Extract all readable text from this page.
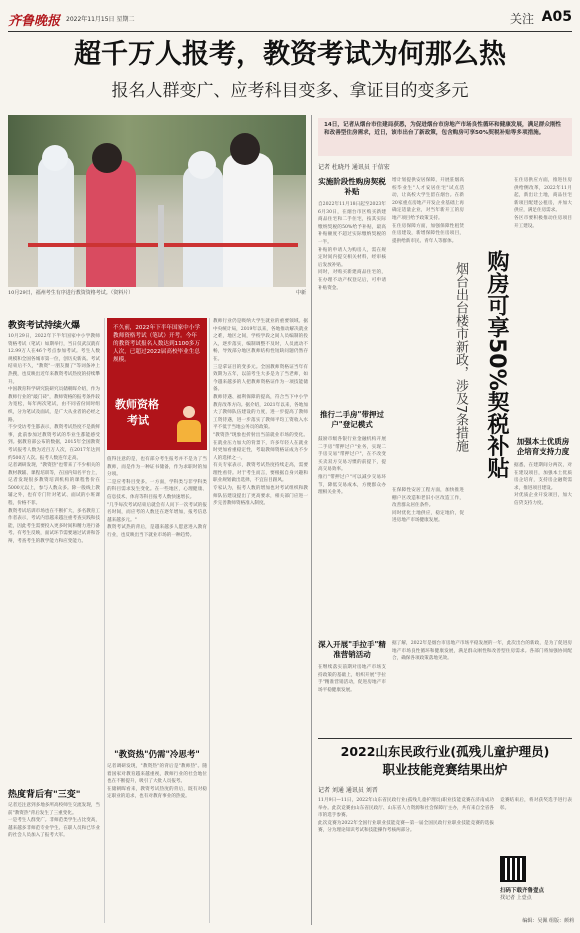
齐鲁晚报 2022年11月15日 星期二	关注 A05
超千万人报考，教资考试为何那么热
报名人群变广、应考科目变多、拿证目的变多元
10月29日，福州考生有序进行教资资格考试。（资料片）	中新
教资考试持续火爆
10月29日，2022年下半年国家中小学教师资格考试（笔试）如期举行，当日仅武汉就有12.99万人在46个考点参加考试。考生人数规模和全国各城市第一位，创历史新高。考试结束后不久，"教资"一朋友圈了"等词条冲上热搜，也反映出近年来教资考试热度的持续攀升。
中国教育科学研究院研究员储朝晖介绍，作为教师行业的"敲门砖"，教师资格的报考条件较为宽松，每年两次笔试，由不同省份同时组织，分为笔试及面试，是广大从业者的必经之路。
不少受访考生都表示，教资考试热度不是新鲜事，此前参加过教资考试的毕业生都能感受到。据教育部公布的数据，2015年全国教资考试报考人数为近百万人次，在2017年达到约500万人次。报考人数连年走高。
记者调研发现，"教资热"也带来了不少相关的教材教辅、课程培训等，在国内知名平台上，记者发现很多教资培训机构的课程售价在5000元以上，参与人数众多。除一般线上教辅之外，也有专门针对笔试、面试的小班课程，价格不菲。
教资考试培训市场也在不断扩大，多名教育工作者表示，考试内容越来越注重考查实践和技能，因此考生需要投入更多时间和精力进行备考。有考生反映，面试环节需要通过试讲和答辩，考查考生的教学能力和应变能力。
热度背后有"三变"
记者还注意到多地多所高校师生交流发现，当前"教资热"背后发生了三重变化。
一是考生人群变广。非师范类学生占比变高，越来越多非师范专业学生、在职人员和已毕业的社会人员加入了报考大军。
不久前，2022年下半年国家中小学教师资格考试（笔试）开考。今年的教资考试报名人数达到1100多万人次，已超过2022届高校毕业生总规模。
教师资格
考试
值得注意的是，也有部分考生报考并不是为了当教师，而是作为一种证书储备，作为求职时的加分项。
二是应考科目变多。一方面，学科类与非学科类的科目需求发生变化。在一些地区，心理健康、信息技术、体育等科目报考人数快速增长。
"几乎每次考试结束后就会有人问下一次考试的报名时间，而应考的人数还在逐年增加，报考信息越来越多元。"
教资考试热的背后，是越来越多人愿意进入教育行业，也反映出当下就业市场的一种趋势。
"教资热"仍需"冷思考"
记者调研发现，"教资热"的背后是"教师热"。随着国家对教育越来越重视，教师行业的社会地位也在不断提升，吸引了大批人员报考。
在储朝晖看来，教资考试热度的背后，既有对稳定职业的追求，也有对教育事业的热爱。
教师行业仍是吸纳大学生就业的重要领域。据中央统计局，2019年以来，各地推动解决就业之难，地区之间，学校学段之间人员编制的投入，逐步落实，编制调整不及时，人员流动不畅，导致部分地区教师结构性短缺问题仍然存在。
三是拿证目的变多元。全国教师资格证当年有效期为五年，以前考生大多是为了当老师，如今越来越多的人把教师资格证作为一项技能储备。
教师待遇、福利保障的提高，符合当下中小学教育改革方向。据介绍，2021年以来，各地加大了教师队伍建设的力度，进一步提高了教师工资待遇，进一步落实了教师平均工资收入水平不低于当地公务员的政策。
"教资热"现象也折射出当前就业市场的变化。在就业压力加大的背景下，许多年轻人在就业时更加看重稳定性，考取教师资格证成为不少人的选择之一。
有关专家表示，教资考试热度持续走高，需要理性看待。对于考生而言，要根据自身兴趣和职业规划做出选择，不宜盲目跟风。
专家认为，报考人数的增加也对考试组织和教师队伍建设提出了更高要求，相关部门应进一步完善教师资格准入制度。
14日，记者从烟台市住建局获悉，为促进烟台市房地产市场良性循环和健康发展，满足群众刚性和改善型住房需求，近日，该市出台了新政策，包含购房可享50%契税补贴等多项措施。
记者 杜晓丹 通讯员 于信宏
实施阶段性购房契税补贴
自2022年11月18日起至2023年6月30日，在烟台市区购买新建商品住宅和二手住宅，按其实际缴纳契税的50%给予补贴，最高补贴额度不超过实际缴纳契税的一半。
补贴的申请人为购房人，需在规定时间内提交相关材料，经审核后发放补贴。
同时，对购买新建商品住宅的，在办理不动产权登记后，可申请补贴资金。
推行二手房"带押过户"登记模式
鼓励市级各银行业金融机构开展二手房"带押过户"业务，实现二手房交易"带押过户"，在不改变买卖双方交易习惯的前提下，提高交易效率。
推行"带押过户"可以减少交易环节，降低交易成本，方便群众办理相关业务。
深入开展"手拉手"精准营销活动
在继续落实前期对房地产市场支持政策的基础上，组织开展"手拉手"精准营销活动，促进房地产市场平稳健康发展。
增计划提供安居保障，开展驻烟高校毕业生"人才安居住宅"试点活动，让高校大学生留在烟台。在新20家重点房地产开发企业基础上再确定适量企业，对当年新开工的房地产项目给予政策支持。
在住房保障方面，加强保障性租赁住房建设，新增保障性住房项目，提供给新市民、青年人等群体。
购房可享50%契税补贴
烟台出台楼市新政，涉及7条措施
在住房供应方面，推进住房供给侧改革，2022年11月起，新出让土地，商品住宅新项目配建公租房，并加大供应，满足住房需求。
各区市要积极推动住房项目开工建设。
加强本土优质房企培育支持力度
据悉，在建期间分两次，对在建设项目，加强本土优质房企培育，支持房企融资需求，推进项目建设。
对优质企业开发项目，加大信贷支持力度。
在保障性安居工程方面，加快推进棚户区改造和老旧小区改造工作，改善群众居住条件。
同时优化土地供应，稳定地价，促进房地产市场健康发展。
据了解，2022年是烟台市房地产市场平稳发展的一年，此次出台的新政，是为了促进房地产市场良性循环和健康发展，满足群众刚性和改善型住房需求。各部门将加强协同配合，确保各项政策落地见效。
2022山东民政行业(孤残儿童护理员)
职业技能竞赛结果出炉
记者 刘通 通讯员 刘晋
11月9日—11日，2022年山东省民政行业(孤残儿童护理员)职业技能竞赛在济南成功举办。此次竞赛由山东省民政厅、山东省人力资源和社会保障厅主办，共有来自全省各市的选手参赛。
此次竞赛为2022年全国行业职业技能竞赛—第一届全国民政行业职业技能竞赛的选拔赛，分为理论知识考试和技能操作考核两部分。
竞赛结束后，将对获奖选手进行表彰。
扫码下载齐鲁壹点
找记者 上壹点
编辑：吴佩 组版：颜莉
